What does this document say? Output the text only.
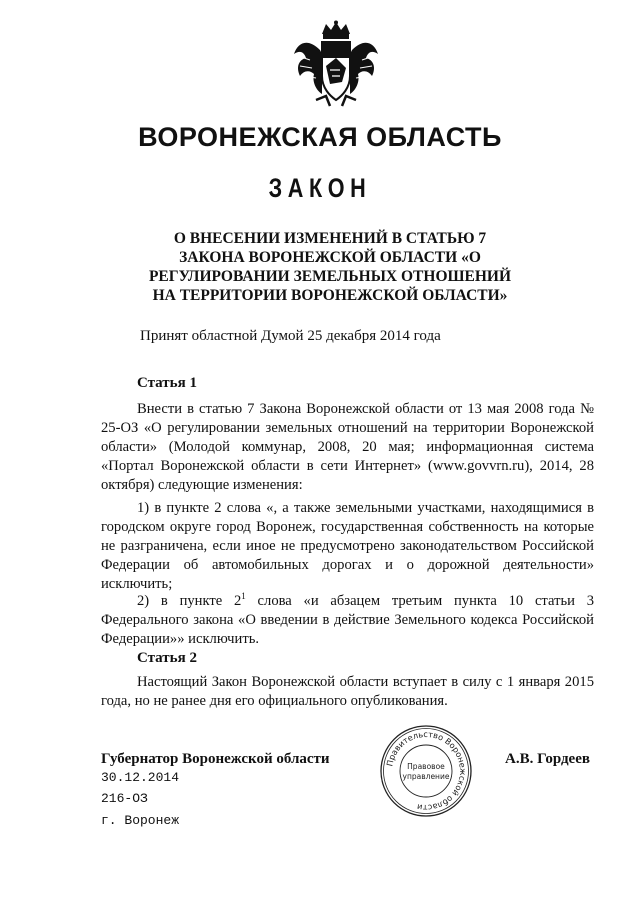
ВОРОНЕЖСКАЯ ОБЛАСТЬ
ЗАКОН
О ВНЕСЕНИИ ИЗМЕНЕНИЙ В СТАТЬЮ 7
ЗАКОНА ВОРОНЕЖСКОЙ ОБЛАСТИ «О
РЕГУЛИРОВАНИИ ЗЕМЕЛЬНЫХ ОТНОШЕНИЙ
НА ТЕРРИТОРИИ ВОРОНЕЖСКОЙ ОБЛАСТИ»
Принят областной Думой 25 декабря 2014 года
Статья 1

Внести в статью 7 Закона Воронежской области от 13 мая 2008 года № 25-ОЗ «О регулировании земельных отношений на территории Воронежской области» (Молодой коммунар, 2008, 20 мая; информационная система «Портал Воронежской области в сети Интернет» (www.govvrn.ru), 2014, 28 октября) следующие изменения:

1) в пункте 2 слова «, а также земельными участками, находящимися в городском округе город Воронеж, государственная собственность на которые не разграничена, если иное не предусмотрено законодательством Российской Федерации об автомобильных дорогах и о дорожной деятельности» исключить;

2) в пункте $2^1$ слова «и абзацем третьим пункта 10 статьи 3 Федерального закона «О введении в действие Земельного кодекса Российской Федерации»» исключить.

Статья 2

Настоящий Закон Воронежской области вступает в силу с 1 января 2015 года, но не ранее дня его официального опубликования.

Губернатор Воронежской области
30.12.2014
216-ОЗ
г. Воронеж
А.В. Гордеев
Правительство Воронежской области
Правовое
управление
